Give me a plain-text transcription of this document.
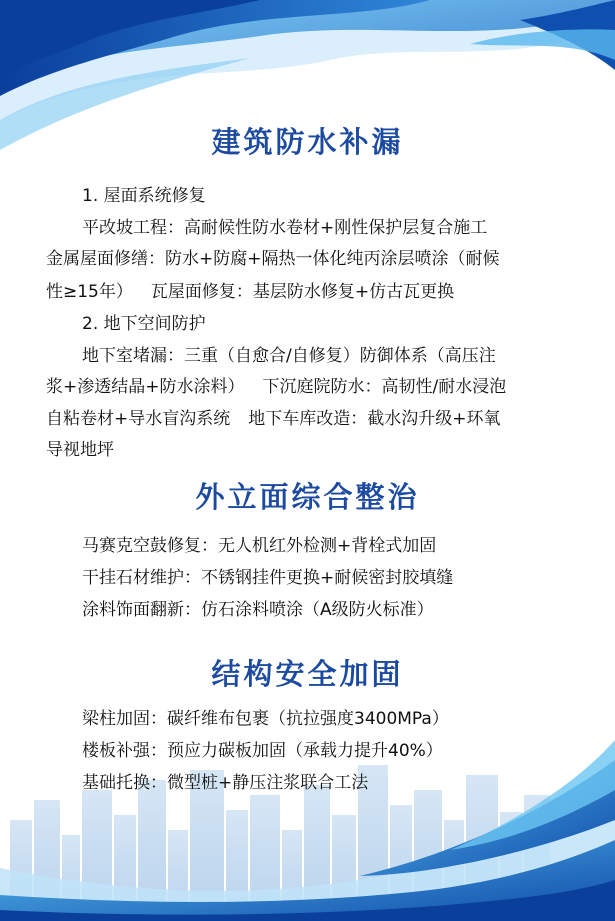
建筑防水补漏
1. 屋面系统修复
平改坡工程：高耐候性防水卷材+刚性保护层复合施工
金属屋面修缮：防水+防腐+隔热一体化纯丙涂层喷涂（耐候
性≥15年） 瓦屋面修复：基层防水修复+仿古瓦更换
2. 地下空间防护
地下室堵漏：三重（自愈合/自修复）防御体系（高压注
浆+渗透结晶+防水涂料） 下沉庭院防水：高韧性/耐水浸泡
自粘卷材+导水盲沟系统 地下车库改造：截水沟升级+环氧
导视地坪
外立面综合整治
马赛克空鼓修复：无人机红外检测+背栓式加固
干挂石材维护：不锈钢挂件更换+耐候密封胶填缝
涂料饰面翻新：仿石涂料喷涂（A级防火标准）
结构安全加固
梁柱加固：碳纤维布包裹（抗拉强度3400MPa）
楼板补强：预应力碳板加固（承载力提升40%）
基础托换：微型桩+静压注浆联合工法
